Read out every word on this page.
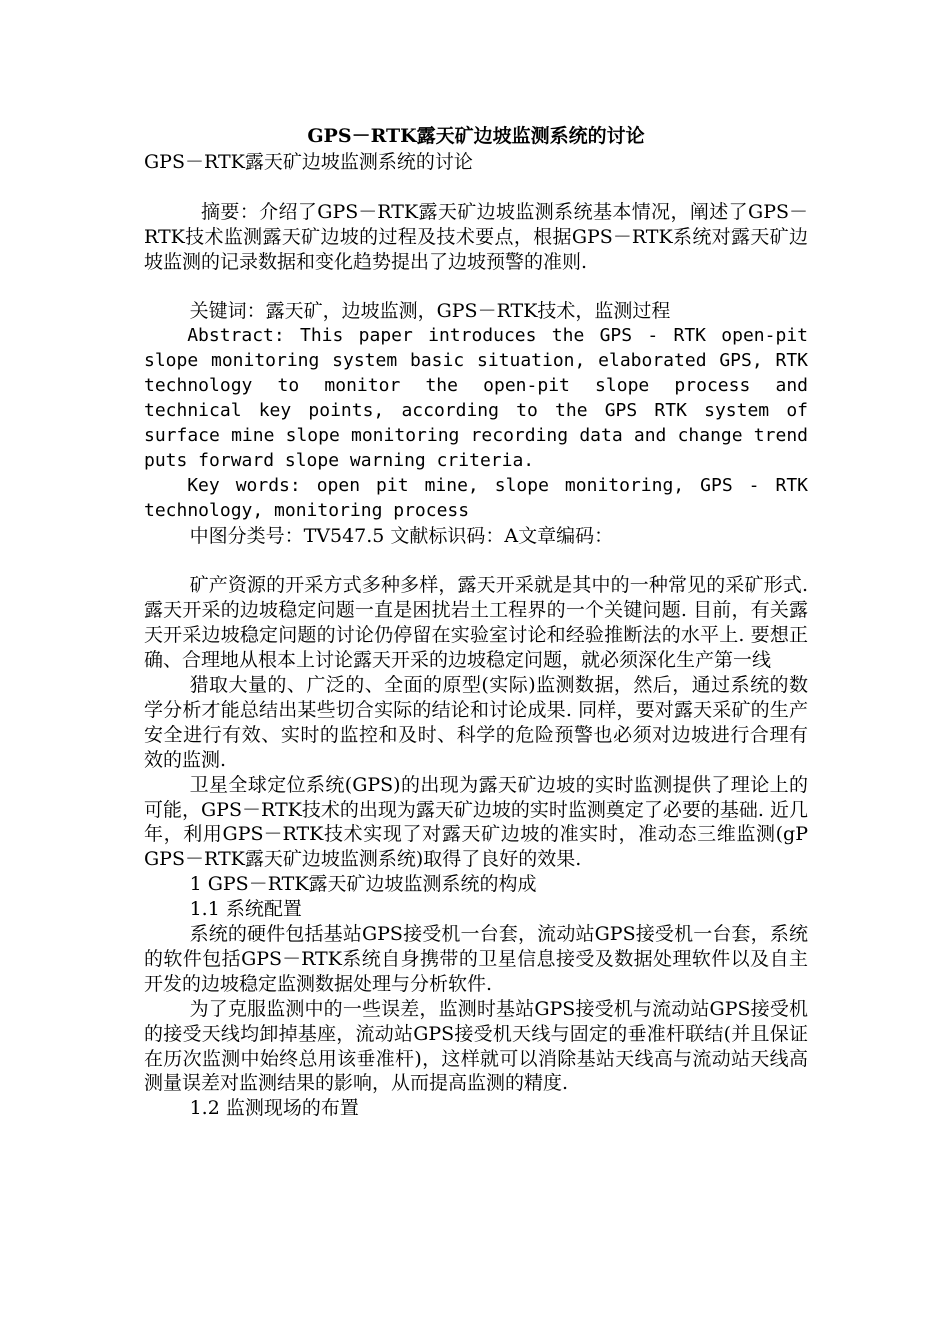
GPS－RTK露天矿边坡监测系统的讨论
GPS－RTK露天矿边坡监测系统的讨论
摘要：介绍了GPS－RTK露天矿边坡监测系统基本情况，阐述了GPS－RTK技术监测露天矿边坡的过程及技术要点，根据GPS－RTK系统对露天矿边坡监测的记录数据和变化趋势提出了边坡预警的准则.
关键词：露天矿，边坡监测，GPS－RTK技术，监测过程
Abstract: This paper introduces the GPS - RTK open-pit slope monitoring system basic situation, elaborated GPS, RTK technology to monitor the open-pit slope process and technical key points, according to the GPS RTK system of surface mine slope monitoring recording data and change trend puts forward slope warning criteria.
Key words: open pit mine, slope monitoring, GPS - RTK technology, monitoring process
中图分类号：TV547.5 文献标识码：A文章编码：
矿产资源的开采方式多种多样，露天开采就是其中的一种常见的采矿形式. 露天开采的边坡稳定问题一直是困扰岩土工程界的一个关键问题. 目前，有关露天开采边坡稳定问题的讨论仍停留在实验室讨论和经验推断法的水平上. 要想正确、合理地从根本上讨论露天开采的边坡稳定问题，就必须深化生产第一线
猎取大量的、广泛的、全面的原型(实际)监测数据，然后，通过系统的数学分析才能总结出某些切合实际的结论和讨论成果. 同样，要对露天采矿的生产安全进行有效、实时的监控和及时、科学的危险预警也必须对边坡进行合理有效的监测.
卫星全球定位系统(GPS)的出现为露天矿边坡的实时监测提供了理论上的可能，GPS－RTK技术的出现为露天矿边坡的实时监测奠定了必要的基础. 近几年，利用GPS－RTK技术实现了对露天矿边坡的准实时，准动态三维监测(gP GPS－RTK露天矿边坡监测系统)取得了良好的效果.
1 GPS－RTK露天矿边坡监测系统的构成
1.1 系统配置
系统的硬件包括基站GPS接受机一台套，流动站GPS接受机一台套，系统的软件包括GPS－RTK系统自身携带的卫星信息接受及数据处理软件以及自主开发的边坡稳定监测数据处理与分析软件.
为了克服监测中的一些误差，监测时基站GPS接受机与流动站GPS接受机的接受天线均卸掉基座，流动站GPS接受机天线与固定的垂准杆联结(并且保证在历次监测中始终总用该垂准杆)，这样就可以消除基站天线高与流动站天线高测量误差对监测结果的影响，从而提高监测的精度.
1.2 监测现场的布置
